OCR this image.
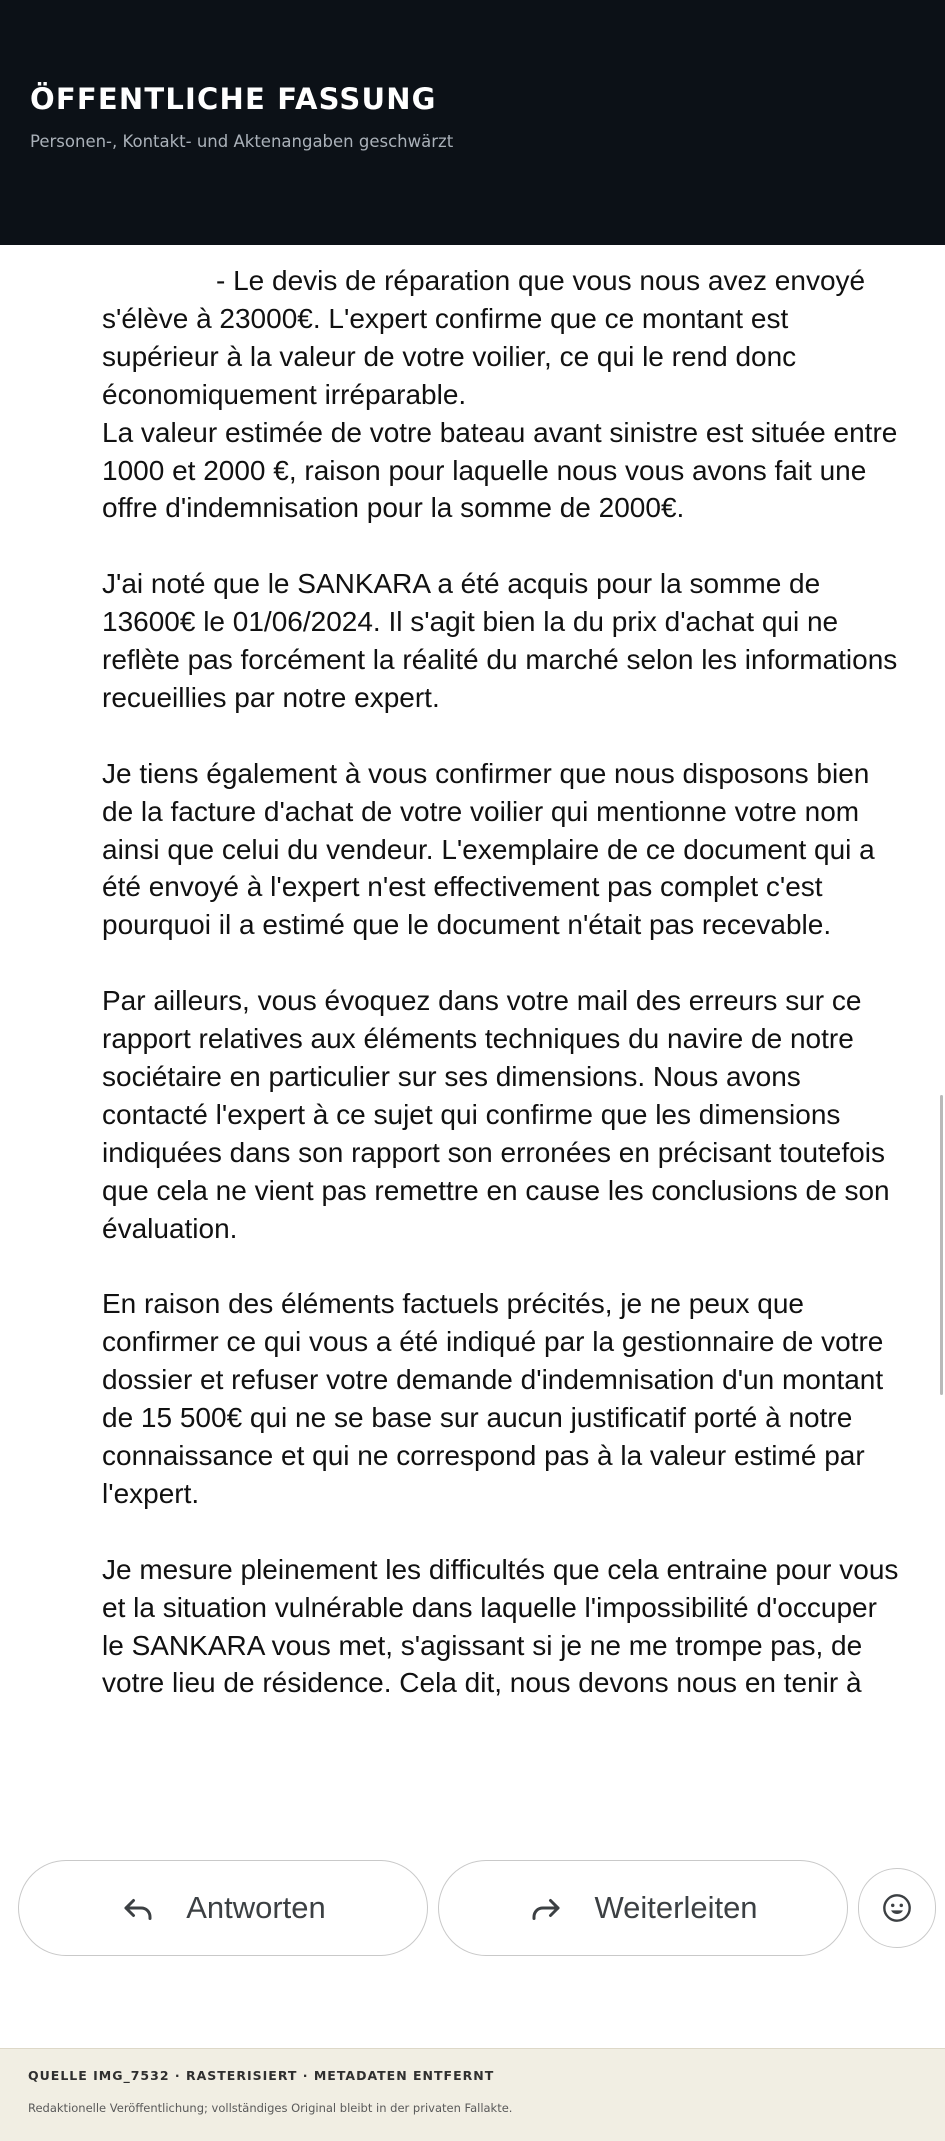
ÖFFENTLICHE FASSUNG
Personen-, Kontakt- und Aktenangaben geschwärzt

- Le devis de réparation que vous nous avez envoyé s'élève à 23000€. L'expert confirme que ce montant est supérieur à la valeur de votre voilier, ce qui le rend donc économiquement irréparable.
La valeur estimée de votre bateau avant sinistre est située entre 1000 et 2000 €, raison pour laquelle nous vous avons fait une offre d'indemnisation pour la somme de 2000€.

J'ai noté que le SANKARA a été acquis pour la somme de 13600€ le 01/06/2024. Il s'agit bien la du prix d'achat qui ne reflète pas forcément la réalité du marché selon les informations recueillies par notre expert.

Je tiens également à vous confirmer que nous disposons bien de la facture d'achat de votre voilier qui mentionne votre nom ainsi que celui du vendeur. L'exemplaire de ce document qui a été envoyé à l'expert n'est effectivement pas complet c'est pourquoi il a estimé que le document n'était pas recevable.

Par ailleurs, vous évoquez dans votre mail des erreurs sur ce rapport relatives aux éléments techniques du navire de notre sociétaire en particulier sur ses dimensions. Nous avons contacté l'expert à ce sujet qui confirme que les dimensions indiquées dans son rapport son erronées en précisant toutefois que cela ne vient pas remettre en cause les conclusions de son évaluation.

En raison des éléments factuels précités, je ne peux que confirmer ce qui vous a été indiqué par la gestionnaire de votre dossier et refuser votre demande d'indemnisation d'un montant de 15 500€ qui ne se base sur aucun justificatif porté à notre connaissance et qui ne correspond pas à la valeur estimé par l'expert.

Je mesure pleinement les difficultés que cela entraine pour vous et la situation vulnérable dans laquelle l'impossibilité d'occuper le SANKARA vous met, s'agissant si je ne me trompe pas, de votre lieu de résidence. Cela dit, nous devons nous en tenir à

Antworten	Weiterleiten
QUELLE IMG_7532 · RASTERISIERT · METADATEN ENTFERNT
Redaktionelle Veröffentlichung; vollständiges Original bleibt in der privaten Fallakte.
